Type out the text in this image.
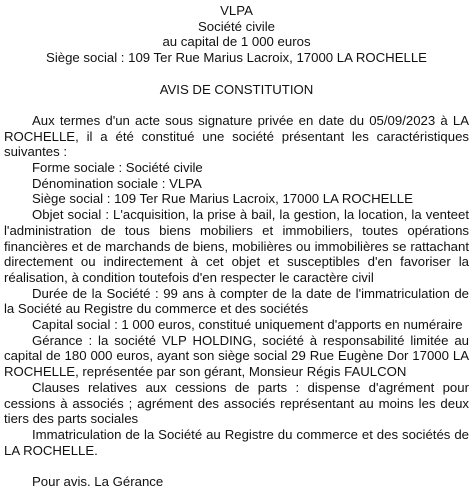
VLPA

Société civile

au capital de 1 000 euros

Siège social : 109 Ter Rue Marius Lacroix, 17000 LA ROCHELLE

AVIS DE CONSTITUTION

Aux termes d'un acte sous signature privée en date du 05/09/2023 à LA ROCHELLE, il a été constitué une société présentant les caractéristiques suivantes :

Forme sociale : Société civile

Dénomination sociale : VLPA

Siège social : 109 Ter Rue Marius Lacroix, 17000 LA ROCHELLE

Objet social : L'acquisition, la prise à bail, la gestion, la location, la venteet l'administration de tous biens mobiliers et immobiliers, toutes opérations financières et de marchands de biens, mobilières ou immobilières se rattachant directement ou indirectement à cet objet et susceptibles d'en favoriser la réalisation, à condition toutefois d'en respecter le caractère civil

Durée de la Société : 99 ans à compter de la date de l'immatriculation de la Société au Registre du commerce et des sociétés

Capital social : 1 000 euros, constitué uniquement d'apports en numéraire

Gérance : la société VLP HOLDING, société à responsabilité limitée au capital de 180 000 euros, ayant son siège social 29 Rue Eugène Dor 17000 LA ROCHELLE, représentée par son gérant, Monsieur Régis FAULCON

Clauses relatives aux cessions de parts : dispense d'agrément pour cessions à associés ; agrément des associés représentant au moins les deux tiers des parts sociales

Immatriculation de la Société au Registre du commerce et des sociétés de LA ROCHELLE.

Pour avis. La Gérance
